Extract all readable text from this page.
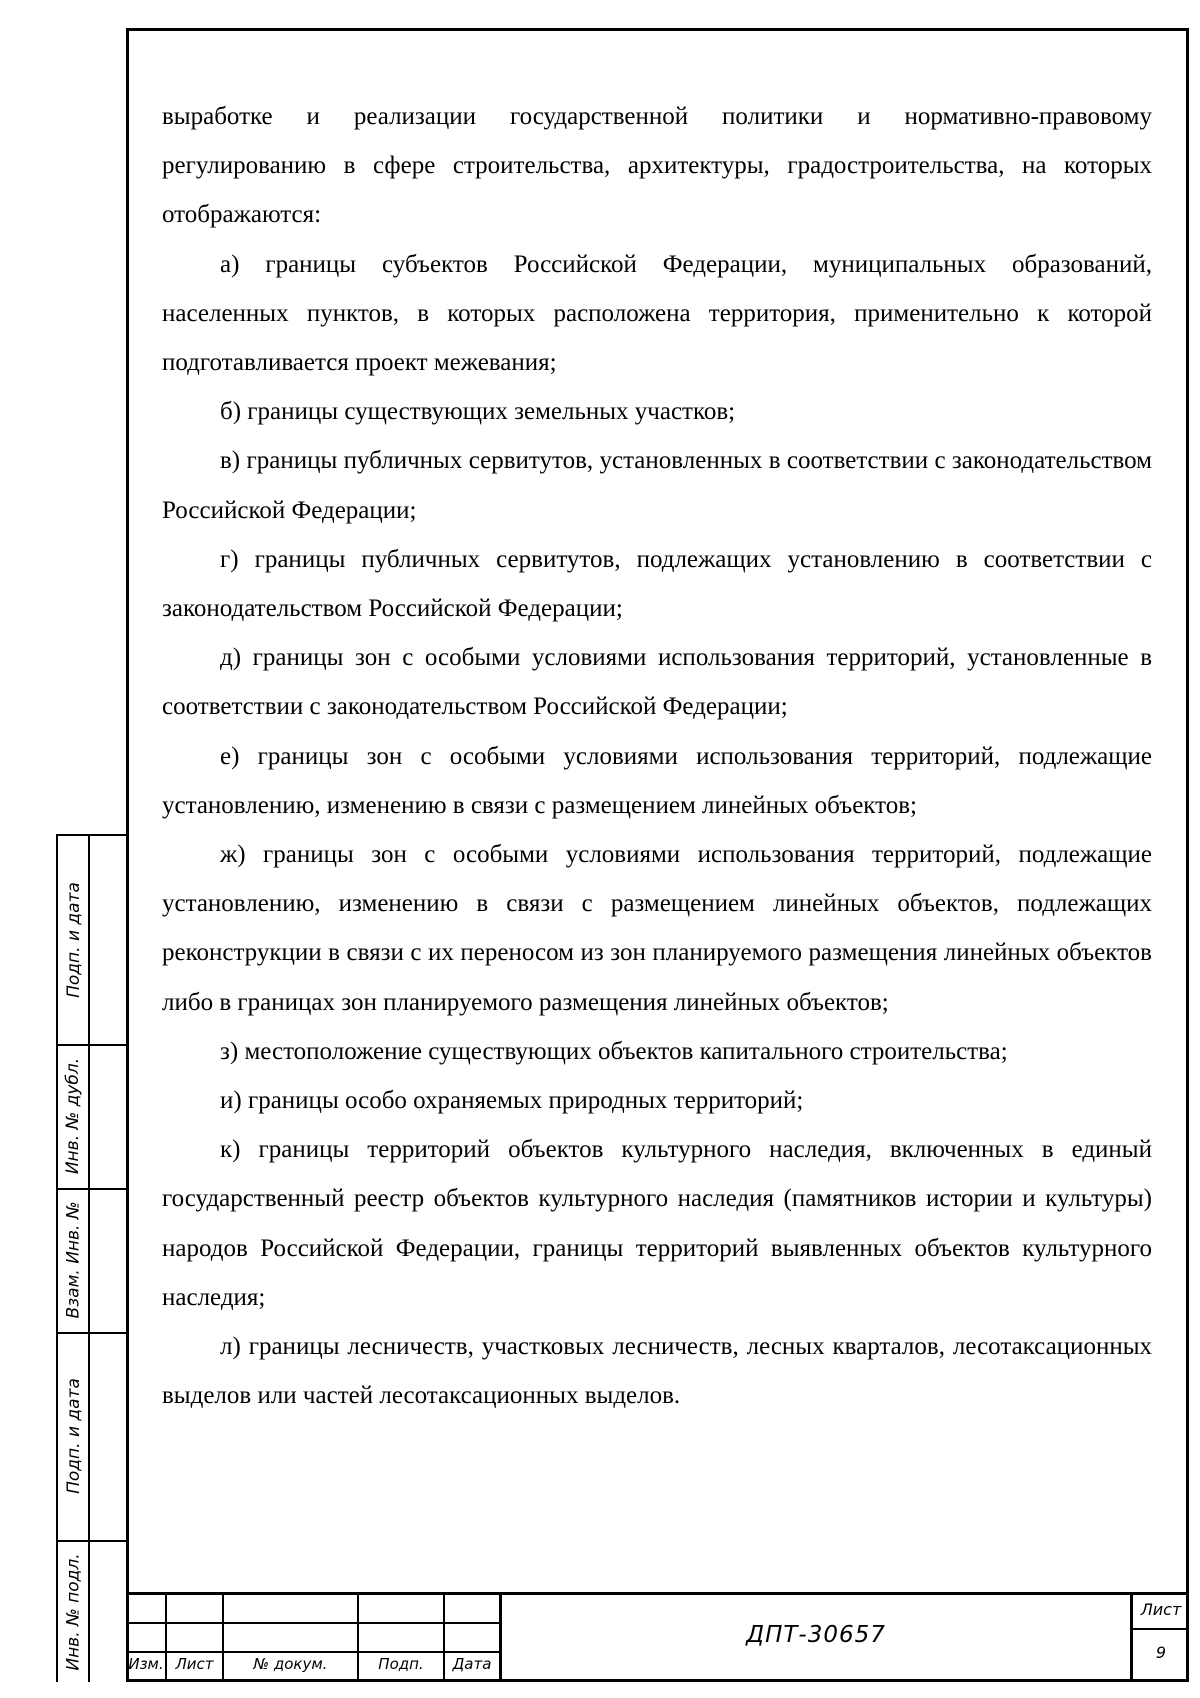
выработке и реализации государственной политики и нормативно-правовому регулированию в сфере строительства, архитектуры, градостроительства, на которых отображаются:

а) границы субъектов Российской Федерации, муниципальных образований, населенных пунктов, в которых расположена территория, применительно к которой подготавливается проект межевания;

б) границы существующих земельных участков;

в) границы публичных сервитутов, установленных в соответствии с законодательством Российской Федерации;

г) границы публичных сервитутов, подлежащих установлению в соответствии с законодательством Российской Федерации;

д) границы зон с особыми условиями использования территорий, установленные в соответствии с законодательством Российской Федерации;

е) границы зон с особыми условиями использования территорий, подлежащие установлению, изменению в связи с размещением линейных объектов;

ж) границы зон с особыми условиями использования территорий, подлежащие установлению, изменению в связи с размещением линейных объектов, подлежащих реконструкции в связи с их переносом из зон планируемого размещения линейных объектов либо в границах зон планируемого размещения линейных объектов;

з) местоположение существующих объектов капитального строительства;

и) границы особо охраняемых природных территорий;

к) границы территорий объектов культурного наследия, включенных в единый государственный реестр объектов культурного наследия (памятников истории и культуры) народов Российской Федерации, границы территорий выявленных объектов культурного наследия;

л) границы лесничеств, участковых лесничеств, лесных кварталов, лесотаксационных выделов или частей лесотаксационных выделов.

Подп. и дата
Инв. № дубл.
Взам. Инв. №
Подп. и дата
Инв. № подл.	Изм. Лист	№ докум.	Подп.	Дата
ДПТ-30657
Лист
9
